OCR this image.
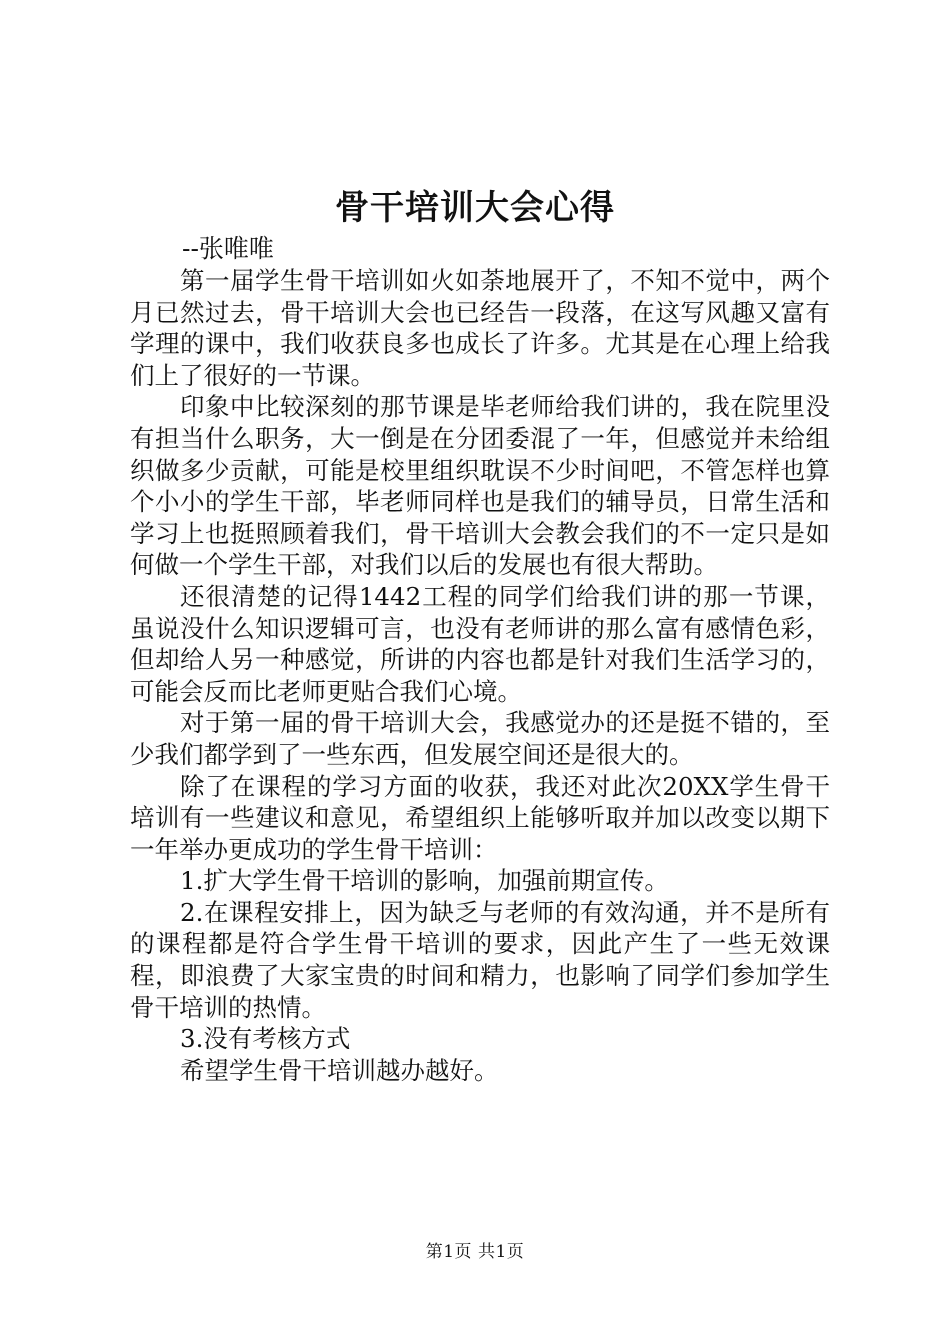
骨干培训大会心得
--张唯唯

第一届学生骨干培训如火如荼地展开了，不知不觉中，两个月已然过去，骨干培训大会也已经告一段落，在这写风趣又富有学理的课中，我们收获良多也成长了许多。尤其是在心理上给我们上了很好的一节课。

印象中比较深刻的那节课是毕老师给我们讲的，我在院里没有担当什么职务，大一倒是在分团委混了一年，但感觉并未给组织做多少贡献，可能是校里组织耽误不少时间吧，不管怎样也算个小小的学生干部，毕老师同样也是我们的辅导员，日常生活和学习上也挺照顾着我们，骨干培训大会教会我们的不一定只是如何做一个学生干部，对我们以后的发展也有很大帮助。

还很清楚的记得1442工程的同学们给我们讲的那一节课，虽说没什么知识逻辑可言，也没有老师讲的那么富有感情色彩，但却给人另一种感觉，所讲的内容也都是针对我们生活学习的，可能会反而比老师更贴合我们心境。

对于第一届的骨干培训大会，我感觉办的还是挺不错的，至少我们都学到了一些东西，但发展空间还是很大的。

除了在课程的学习方面的收获，我还对此次20XX学生骨干培训有一些建议和意见，希望组织上能够听取并加以改变以期下一年举办更成功的学生骨干培训：

1.扩大学生骨干培训的影响，加强前期宣传。

2.在课程安排上，因为缺乏与老师的有效沟通，并不是所有的课程都是符合学生骨干培训的要求，因此产生了一些无效课程，即浪费了大家宝贵的时间和精力，也影响了同学们参加学生骨干培训的热情。

3.没有考核方式

希望学生骨干培训越办越好。

第1页 共1页
